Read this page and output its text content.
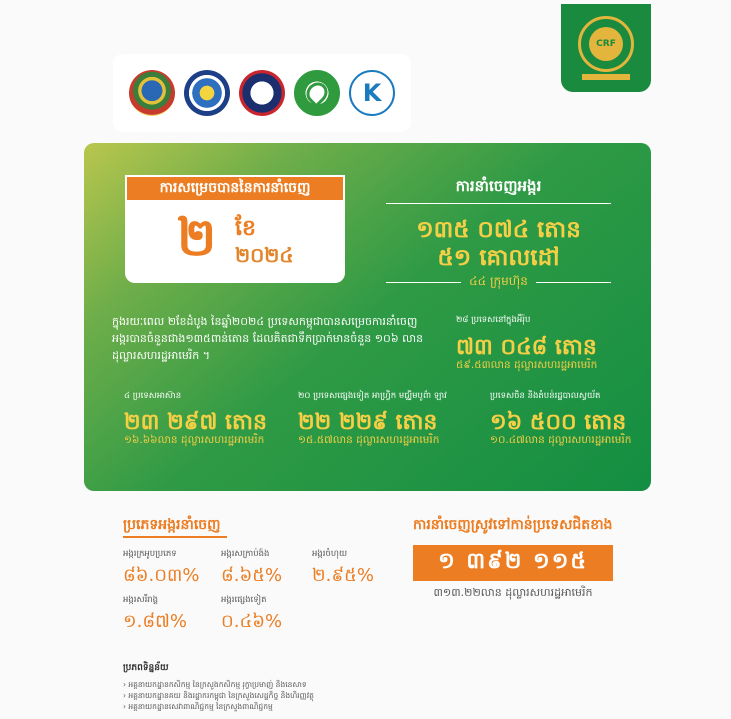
K
CRF
ការសម្រេចបាននៃការនាំចេញ
២ ខែ
២០២៤
ការនាំចេញអង្ករ
១៣៥ ០៧៤ តោន
៥១ គោលដៅ
៤៤ ក្រុមហ៊ុន
ក្នុងរយៈពេល ២ខែដំបូង នៃឆ្នាំ២០២៤ ប្រទេសកម្ពុជាបានសម្រេចការនាំចេញអង្ករបានចំនួនជាង១៣៥ពាន់តោន ដែលគិតជាទឹកប្រាក់មានចំនួន ១០៦ លានដុល្លារសហរដ្ឋអាមេរិក ។
២៨ ប្រទេសនៅក្នុងអឺរ៉ុប
៧៣ ០៤៨ តោន
៥៩.៥៣លាន ដុល្លារសហរដ្ឋអាមេរិក
៤ ប្រទេសអាស៊ាន
២៣ ២៩៧ តោន
១៦.៦៦លាន ដុល្លារសហរដ្ឋអាមេរិក
២០ ប្រទេសផ្សេងទៀត អាហ្វ្រិក មជ្ឈិមបូព៌ា ឡាវ
២២ ២២៩ តោន
១៥.៥៧លាន ដុល្លារសហរដ្ឋអាមេរិក
ប្រទេសចិន និងតំបន់រដ្ឋបាលស្វយ័ត
១៦ ៥០០ តោន
១០.៤៧លាន ដុល្លារសហរដ្ឋអាមេរិក
ប្រភេទអង្ករនាំចេញ
អង្ករក្រអូបប្រភេទ
៨៦.០៣%
អង្ករសក្រាប់ង៉ង
៨.៦៥%
អង្ករចំហុយ
២.៩៥%
អង្ករសរីរាង្គ
១.៨៧%
អង្ករផ្សេងទៀត
០.៤៦%
ការនាំចេញស្រូវទៅកាន់ប្រទេសជិតខាង
១ ៣៩២ ១១៥
៣១៣.២២លាន ដុល្លារសហរដ្ឋអាមេរិក
ប្រភពទិន្នន័យ
› អគ្គនាយកដ្ឋានកសិកម្ម នៃក្រសួងកសិកម្ម រុក្ខាប្រមាញ់ និងនេសាទ
› អគ្គនាយកដ្ឋានគយ និងរដ្ឋាករកម្ពុជា នៃក្រសួងសេដ្ឋកិច្ច និងហិរញ្ញវត្ថុ
› អគ្គនាយកដ្ឋានសេវាពាណិជ្ជកម្ម នៃក្រសួងពាណិជ្ជកម្ម
